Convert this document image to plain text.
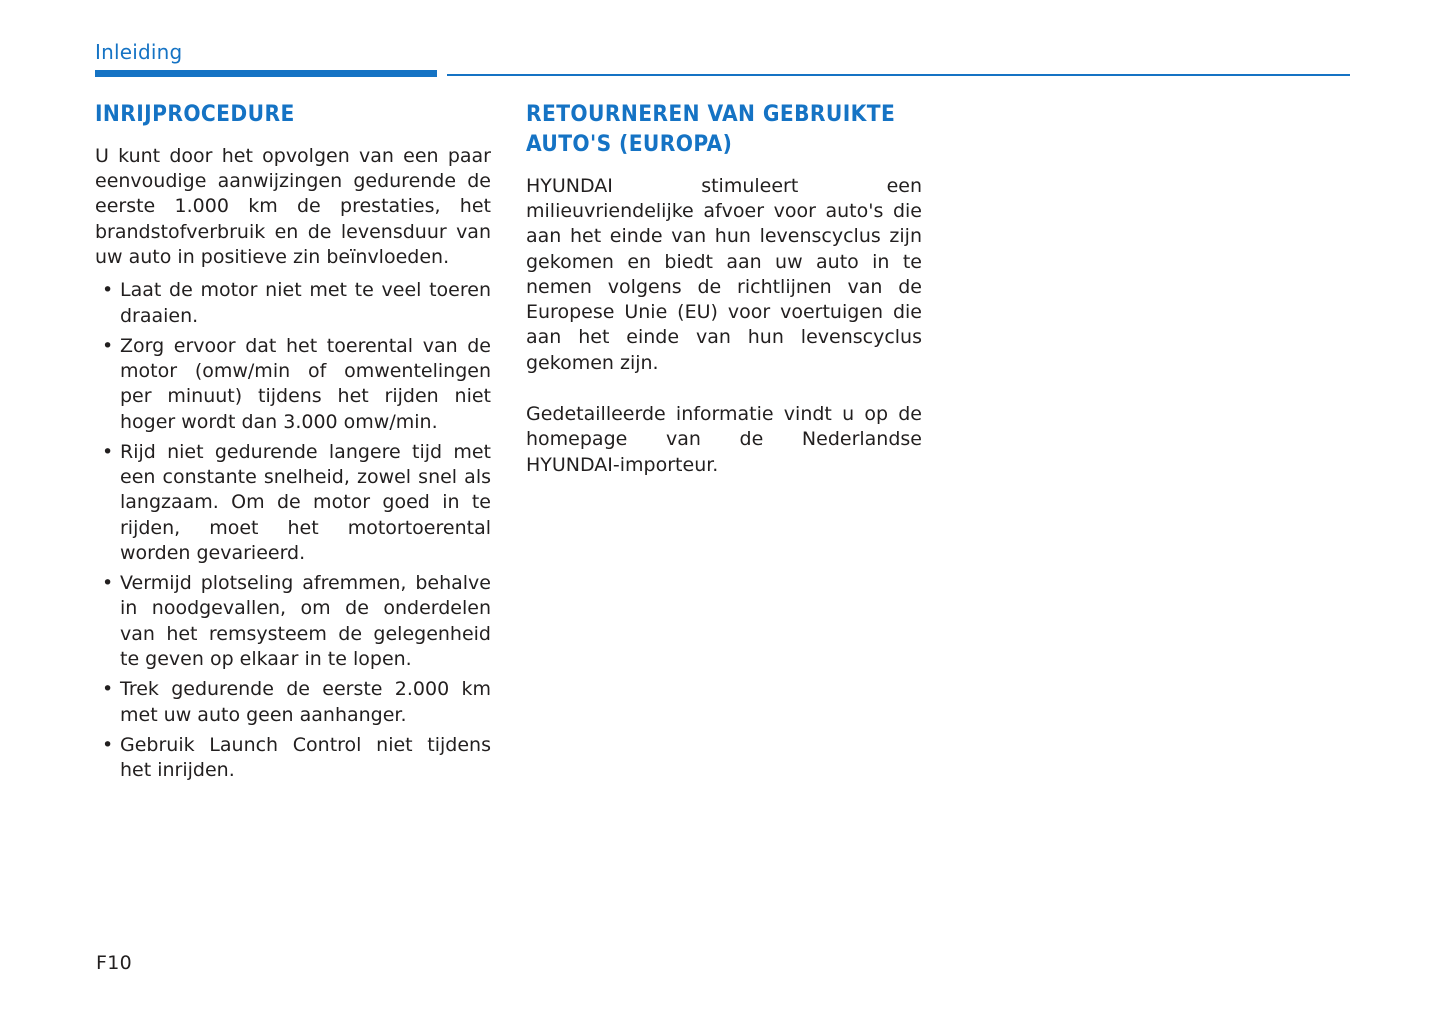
Inleiding
INRIJPROCEDURE

U kunt door het opvolgen van een paar eenvoudige aanwijzingen gedurende de eerste 1.000 km de prestaties, het brandstofverbruik en de levensduur van uw auto in positieve zin beïnvloeden.

• Laat de motor niet met te veel toeren draaien.
• Zorg ervoor dat het toerental van de motor (omw/min of omwentelingen per minuut) tijdens het rijden niet hoger wordt dan 3.000 omw/min.
• Rijd niet gedurende langere tijd met een constante snelheid, zowel snel als langzaam. Om de motor goed in te rijden, moet het motortoerental worden gevarieerd.
• Vermijd plotseling afremmen, behalve in noodgevallen, om de onderdelen van het remsysteem de gelegenheid te geven op elkaar in te lopen.
• Trek gedurende de eerste 2.000 km met uw auto geen aanhanger.
• Gebruik Launch Control niet tijdens het inrijden.
RETOURNEREN VAN GEBRUIKTE AUTO'S (EUROPA)

HYUNDAI stimuleert een milieuvriendelijke afvoer voor auto's die aan het einde van hun levenscyclus zijn gekomen en biedt aan uw auto in te nemen volgens de richtlijnen van de Europese Unie (EU) voor voertuigen die aan het einde van hun levenscyclus gekomen zijn.

Gedetailleerde informatie vindt u op de homepage van de Nederlandse HYUNDAI-importeur.

F10
